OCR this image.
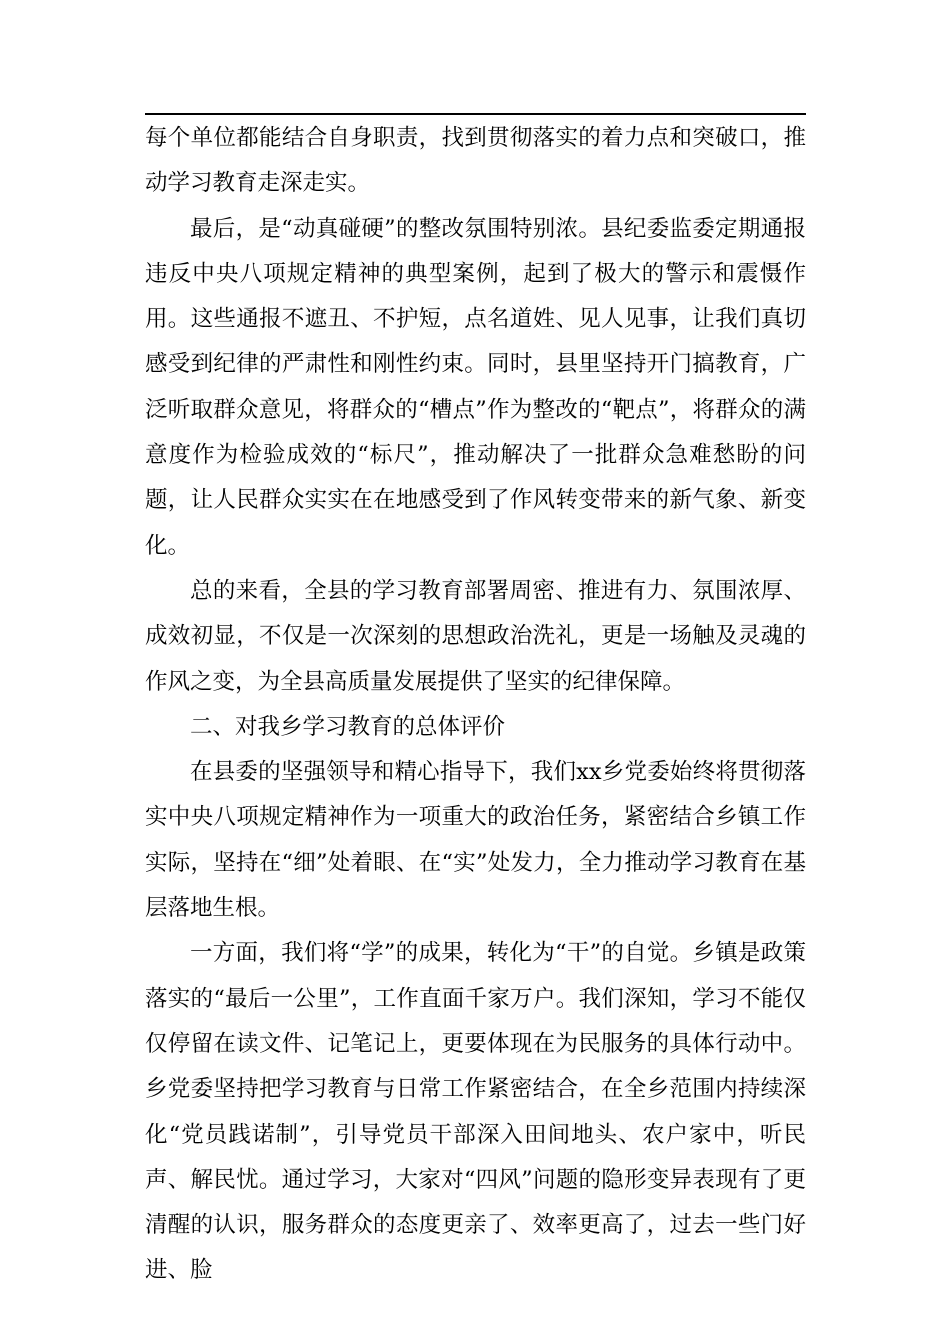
每个单位都能结合自身职责，找到贯彻落实的着力点和突破口，推动学习教育走深走实。

最后，是“动真碰硬”的整改氛围特别浓。县纪委监委定期通报违反中央八项规定精神的典型案例，起到了极大的警示和震慑作用。这些通报不遮丑、不护短，点名道姓、见人见事，让我们真切感受到纪律的严肃性和刚性约束。同时，县里坚持开门搞教育，广泛听取群众意见，将群众的“槽点”作为整改的“靶点”，将群众的满意度作为检验成效的“标尺”，推动解决了一批群众急难愁盼的问题，让人民群众实实在在地感受到了作风转变带来的新气象、新变化。

总的来看，全县的学习教育部署周密、推进有力、氛围浓厚、成效初显，不仅是一次深刻的思想政治洗礼，更是一场触及灵魂的作风之变，为全县高质量发展提供了坚实的纪律保障。

二、对我乡学习教育的总体评价

在县委的坚强领导和精心指导下，我们xx乡党委始终将贯彻落实中央八项规定精神作为一项重大的政治任务，紧密结合乡镇工作实际，坚持在“细”处着眼、在“实”处发力，全力推动学习教育在基层落地生根。

一方面，我们将“学”的成果，转化为“干”的自觉。乡镇是政策落实的“最后一公里”，工作直面千家万户。我们深知，学习不能仅仅停留在读文件、记笔记上，更要体现在为民服务的具体行动中。乡党委坚持把学习教育与日常工作紧密结合，在全乡范围内持续深化“党员践诺制”，引导党员干部深入田间地头、农户家中，听民声、解民忧。通过学习，大家对“四风”问题的隐形变异表现有了更清醒的认识，服务群众的态度更亲了、效率更高了，过去一些门好进、脸
